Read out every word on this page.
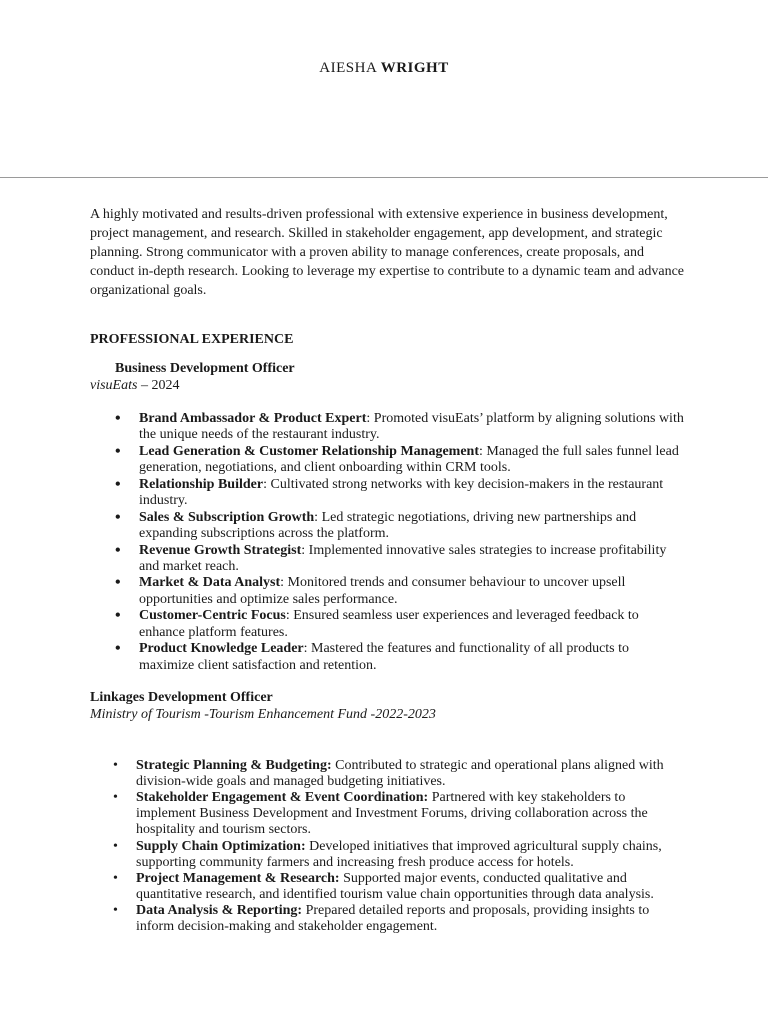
AIESHA WRIGHT

A highly motivated and results-driven professional with extensive experience in business development, project management, and research. Skilled in stakeholder engagement, app development, and strategic planning. Strong communicator with a proven ability to manage conferences, create proposals, and conduct in-depth research. Looking to leverage my expertise to contribute to a dynamic team and advance organizational goals.

PROFESSIONAL EXPERIENCE
Business Development Officer
visuEats – 2024
• Brand Ambassador & Product Expert: Promoted visuEats’ platform by aligning solutions with the unique needs of the restaurant industry.
• Lead Generation & Customer Relationship Management: Managed the full sales funnel lead generation, negotiations, and client onboarding within CRM tools.
• Relationship Builder: Cultivated strong networks with key decision-makers in the restaurant industry.
• Sales & Subscription Growth: Led strategic negotiations, driving new partnerships and expanding subscriptions across the platform.
• Revenue Growth Strategist: Implemented innovative sales strategies to increase profitability and market reach.
• Market & Data Analyst: Monitored trends and consumer behaviour to uncover upsell opportunities and optimize sales performance.
• Customer-Centric Focus: Ensured seamless user experiences and leveraged feedback to enhance platform features.
• Product Knowledge Leader: Mastered the features and functionality of all products to maximize client satisfaction and retention.
Linkages Development Officer
Ministry of Tourism -Tourism Enhancement Fund -2022-2023
• Strategic Planning & Budgeting: Contributed to strategic and operational plans aligned with division-wide goals and managed budgeting initiatives.
• Stakeholder Engagement & Event Coordination: Partnered with key stakeholders to implement Business Development and Investment Forums, driving collaboration across the hospitality and tourism sectors.
• Supply Chain Optimization: Developed initiatives that improved agricultural supply chains, supporting community farmers and increasing fresh produce access for hotels.
• Project Management & Research: Supported major events, conducted qualitative and quantitative research, and identified tourism value chain opportunities through data analysis.
• Data Analysis & Reporting: Prepared detailed reports and proposals, providing insights to inform decision-making and stakeholder engagement.
